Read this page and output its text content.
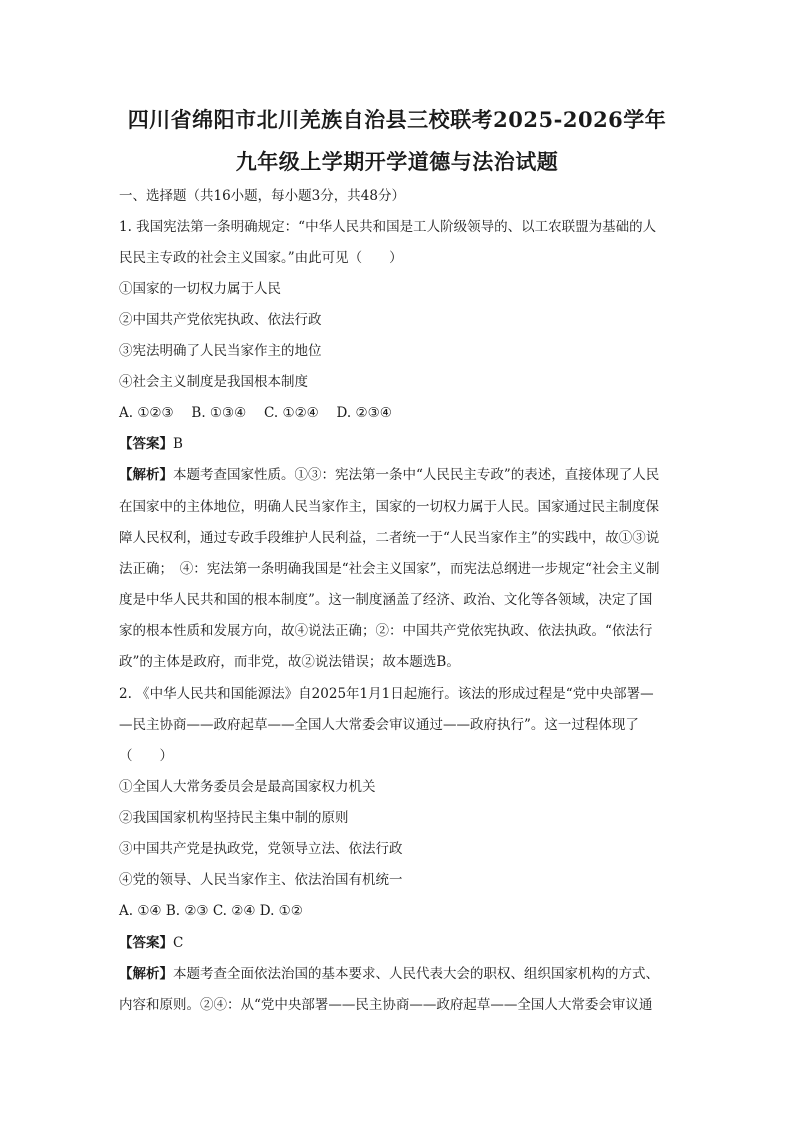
四川省绵阳市北川羌族自治县三校联考2025-2026学年
九年级上学期开学道德与法治试题
一、选择题（共16小题，每小题3分，共48分）
1. 我国宪法第一条明确规定：“中华人民共和国是工人阶级领导的、以工农联盟为基础的人
民民主专政的社会主义国家。”由此可见（　　）
①国家的一切权力属于人民
②中国共产党依宪执政、依法行政
③宪法明确了人民当家作主的地位
④社会主义制度是我国根本制度
A. ①②③　 B. ①③④　 C. ①②④　 D. ②③④
【答案】B
【解析】本题考查国家性质。①③：宪法第一条中“人民民主专政”的表述，直接体现了人民
在国家中的主体地位，明确人民当家作主，国家的一切权力属于人民。国家通过民主制度保
障人民权利，通过专政手段维护人民利益，二者统一于“人民当家作主”的实践中，故①③说
法正确；　④：宪法第一条明确我国是“社会主义国家”，而宪法总纲进一步规定“社会主义制
度是中华人民共和国的根本制度”。这一制度涵盖了经济、政治、文化等各领域，决定了国
家的根本性质和发展方向，故④说法正确；②：中国共产党依宪执政、依法执政。“依法行
政”的主体是政府，而非党，故②说法错误；故本题选B。
2. 《中华人民共和国能源法》自2025年1月1日起施行。该法的形成过程是“党中央部署—
—民主协商——政府起草——全国人大常委会审议通过——政府执行”。这一过程体现了
（　　）
①全国人大常务委员会是最高国家权力机关
②我国国家机构坚持民主集中制的原则
③中国共产党是执政党，党领导立法、依法行政
④党的领导、人民当家作主、依法治国有机统一
A. ①④ B. ②③ C. ②④ D. ①②
【答案】C
【解析】本题考查全面依法治国的基本要求、人民代表大会的职权、组织国家机构的方式、
内容和原则。②④：从“党中央部署——民主协商——政府起草——全国人大常委会审议通
